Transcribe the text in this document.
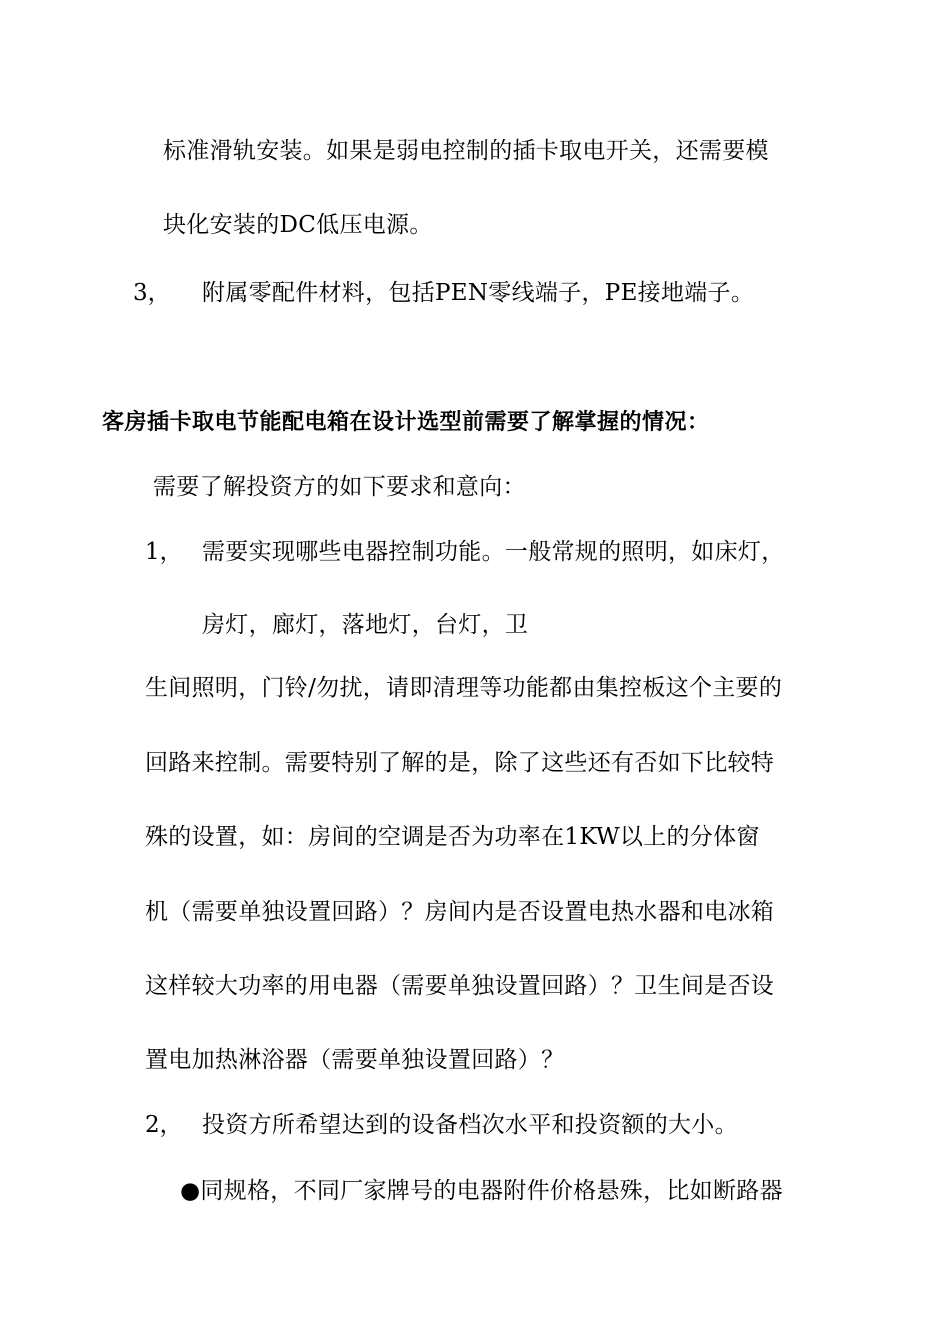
标准滑轨安装。如果是弱电控制的插卡取电开关，还需要模
块化安装的DC低压电源。
3， 附属零配件材料，包括PEN零线端子，PE接地端子。
客房插卡取电节能配电箱在设计选型前需要了解掌握的情况：
需要了解投资方的如下要求和意向：
1， 需要实现哪些电器控制功能。一般常规的照明，如床灯，
房灯，廊灯，落地灯，台灯，卫
生间照明，门铃/勿扰，请即清理等功能都由集控板这个主要的
回路来控制。需要特别了解的是，除了这些还有否如下比较特
殊的设置，如：房间的空调是否为功率在1KW以上的分体窗
机（需要单独设置回路）？房间内是否设置电热水器和电冰箱
这样较大功率的用电器（需要单独设置回路）？卫生间是否设
置电加热淋浴器（需要单独设置回路）？
2， 投资方所希望达到的设备档次水平和投资额的大小。
●同规格，不同厂家牌号的电器附件价格悬殊，比如断路器
